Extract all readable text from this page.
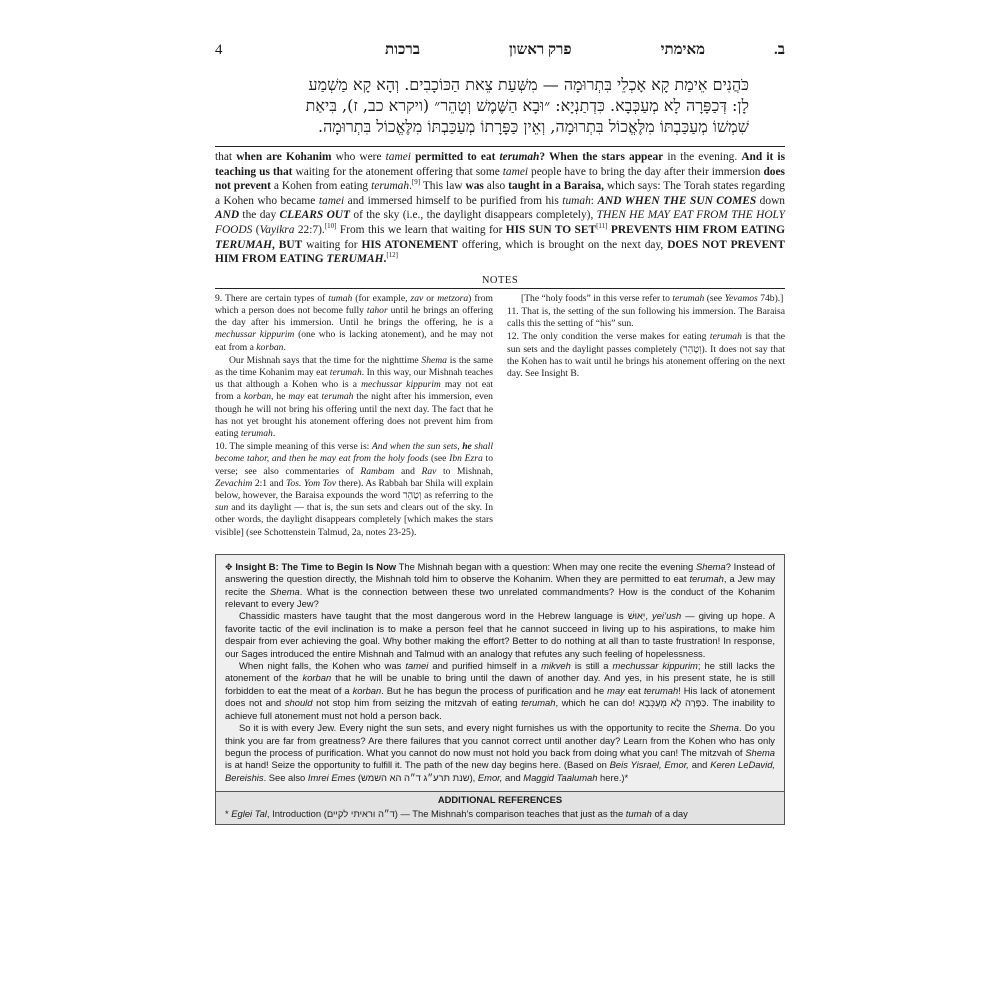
4	מאימתי
פרק ראשון
ברכות	ב.

כֹּהֲנִים אֵימַת קָא אָכְלֵי בִּתְרוּמָה — מִשְּׁעַת צֵאת הַכּוֹכָבִים. וְהָא קָא מַשְׁמַע

לָן: דְּכַפָּרָה לָא מְעַכְּבָא. כִּדְתַנְיָא: ״וּבָא הַשֶּׁמֶשׁ וְטָהֵר״ (ויקרא כב, ז), בִּיאַת

שִׁמְשׁוֹ מְעַכַּבְתּוֹ מִלֶּאֱכוֹל בִּתְרוּמָה, וְאֵין כַּפָּרָתוֹ מְעַכַּבְתּוֹ מִלֶּאֱכוֹל בִּתְרוּמָה.

that when are Kohanim who were tamei permitted to eat terumah? When the stars appear in the evening. And it is teaching us that waiting for the atonement offering that some tamei people have to bring the day after their immersion does not prevent a Kohen from eating terumah.[9] This law was also taught in a Baraisa, which says: The Torah states regarding a Kohen who became tamei and immersed himself to be purified from his tumah: AND WHEN THE SUN COMES down AND the day CLEARS OUT of the sky (i.e., the daylight disappears completely), THEN HE MAY EAT FROM THE HOLY FOODS (Vayikra 22:7).[10] From this we learn that waiting for HIS SUN TO SET[11] PREVENTS HIM FROM EATING TERUMAH, BUT waiting for HIS ATONEMENT offering, which is brought on the next day, DOES NOT PREVENT HIM FROM EATING TERUMAH.[12]

NOTES

9. There are certain types of tumah (for example, zav or metzora) from which a person does not become fully tahor until he brings an offering the day after his immersion. Until he brings the offering, he is a mechussar kippurim (one who is lacking atonement), and he may not eat from a korban.

Our Mishnah says that the time for the nighttime Shema is the same as the time Kohanim may eat terumah. In this way, our Mishnah teaches us that although a Kohen who is a mechussar kippurim may not eat from a korban, he may eat terumah the night after his immersion, even though he will not bring his offering until the next day. The fact that he has not yet brought his atonement offering does not prevent him from eating terumah.

10. The simple meaning of this verse is: And when the sun sets, he shall become tahor, and then he may eat from the holy foods (see Ibn Ezra to verse; see also commentaries of Rambam and Rav to Mishnah, Zevachim 2:1 and Tos. Yom Tov there). As Rabbah bar Shila will explain below, however, the Baraisa expounds the word וְטָהֵר as referring to the sun and its daylight — that is, the sun sets and clears out of the sky. In other words, the daylight disappears completely [which makes the stars visible] (see Schottenstein Talmud, 2a, notes 23-25).

[The “holy foods” in this verse refer to terumah (see Yevamos 74b).]

11. That is, the setting of the sun following his immersion. The Baraisa calls this the setting of “his” sun.

12. The only condition the verse makes for eating terumah is that the sun sets and the daylight passes completely (וְטָהֵר). It does not say that the Kohen has to wait until he brings his atonement offering on the next day. See Insight B.

✥ Insight B: The Time to Begin Is Now The Mishnah began with a question: When may one recite the evening Shema? Instead of answering the question directly, the Mishnah told him to observe the Kohanim. When they are permitted to eat terumah, a Jew may recite the Shema. What is the connection between these two unrelated commandments? How is the conduct of the Kohanim relevant to every Jew?

Chassidic masters have taught that the most dangerous word in the Hebrew language is יֵאוּשׁ, yei’ush — giving up hope. A favorite tactic of the evil inclination is to make a person feel that he cannot succeed in living up to his aspirations, to make him despair from ever achieving the goal. Why bother making the effort? Better to do nothing at all than to taste frustration! In response, our Sages introduced the entire Mishnah and Talmud with an analogy that refutes any such feeling of hopelessness.

When night falls, the Kohen who was tamei and purified himself in a mikveh is still a mechussar kippurim; he still lacks the atonement of the korban that he will be unable to bring until the dawn of another day. And yes, in his present state, he is still forbidden to eat the meat of a korban. But he has begun the process of purification and he may eat terumah! His lack of atonement does not and should not stop him from seizing the mitzvah of eating terumah, which he can do! כַּפָּרָה לָא מְעַכְּבָא. The inability to achieve full atonement must not hold a person back.

So it is with every Jew. Every night the sun sets, and every night furnishes us with the opportunity to recite the Shema. Do you think you are far from greatness? Are there failures that you cannot correct until another day? Learn from the Kohen who has only begun the process of purification. What you cannot do now must not hold you back from doing what you can! The mitzvah of Shema is at hand! Seize the opportunity to fulfill it. The path of the new day begins here. (Based on Beis Yisrael, Emor, and Keren LeDavid, Bereishis. See also Imrei Emes (שנת תרע״ג ד״ה הא השמש), Emor, and Maggid Taalumah here.)*

ADDITIONAL REFERENCES
* Eglei Tal, Introduction (ד״ה וראיתי לקיים) — The Mishnah’s comparison teaches that just as the tumah of a day
